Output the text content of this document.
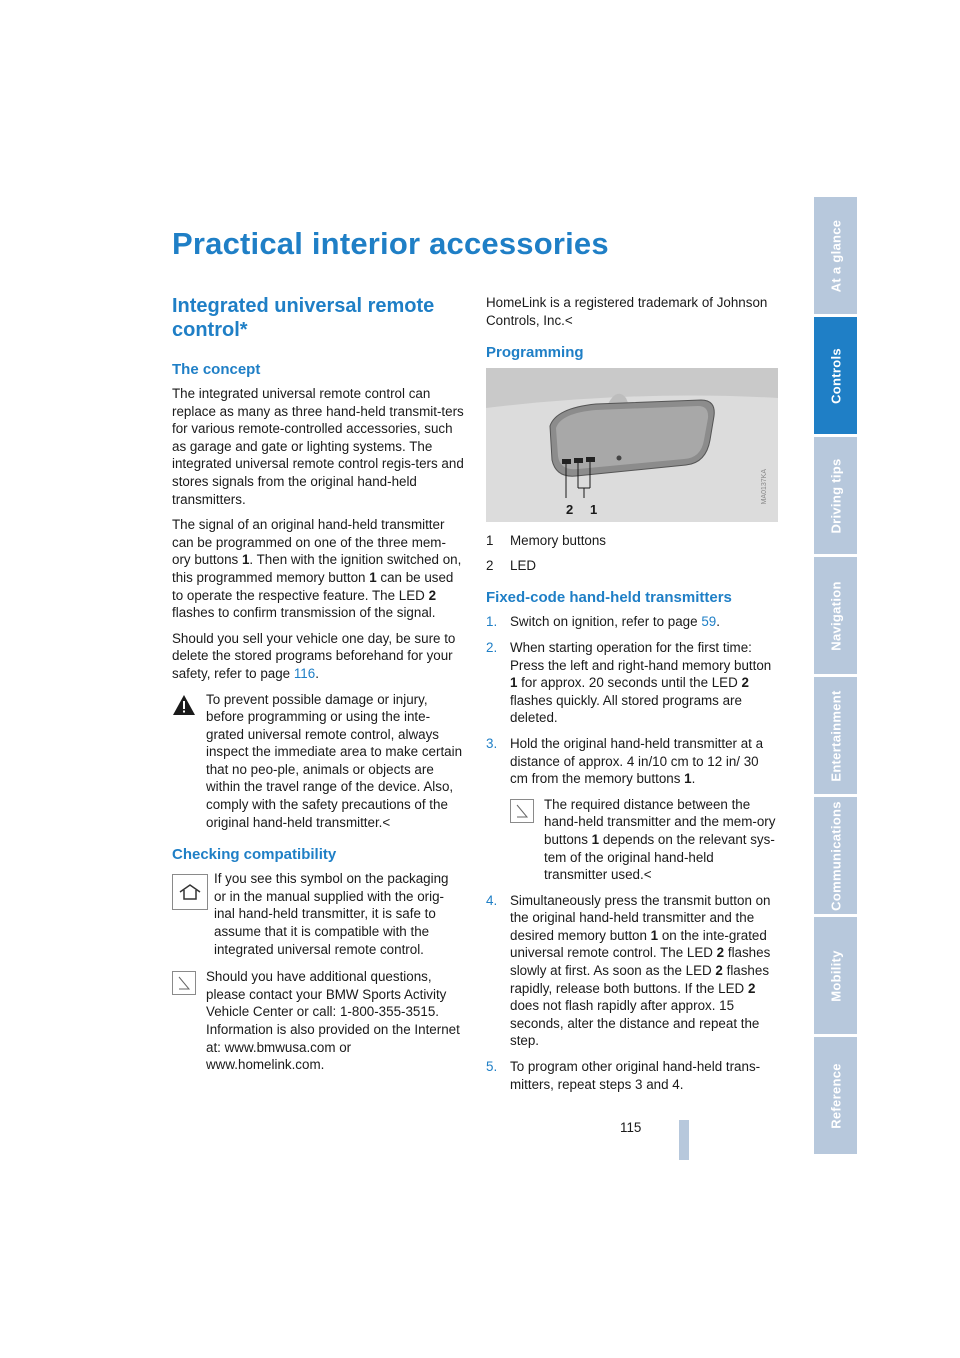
Practical interior accessories
Integrated universal remote control*
The concept

The integrated universal remote control can replace as many as three hand-held transmit-ters for various remote-controlled accessories, such as garage and gate or lighting systems. The integrated universal remote control regis-ters and stores signals from the original hand-held transmitters.

The signal of an original hand-held transmitter can be programmed on one of the three mem-ory buttons 1. Then with the ignition switched on, this programmed memory button 1 can be used to operate the respective feature. The LED 2 flashes to confirm transmission of the signal.

Should you sell your vehicle one day, be sure to delete the stored programs beforehand for your safety, refer to page 116.

To prevent possible damage or injury, before programming or using the inte-grated universal remote control, always inspect the immediate area to make certain that no peo-ple, animals or objects are within the travel range of the device. Also, comply with the safety precautions of the original hand-held transmitter.<
Checking compatibility
If you see this symbol on the packaging or in the manual supplied with the orig-inal hand-held transmitter, it is safe to assume that it is compatible with the integrated universal remote control.
Should you have additional questions, please contact your BMW Sports Activity Vehicle Center or call: 1-800-355-3515. Information is also provided on the Internet at: www.bmwusa.com or www.homelink.com.

HomeLink is a registered trademark of Johnson Controls, Inc.<

Programming
2 1
MA0137KA
1	Memory buttons
2	LED
Fixed-code hand-held transmitters
1. Switch on ignition, refer to page 59.
2. When starting operation for the first time: Press the left and right-hand memory button 1 for approx. 20 seconds until the LED 2 flashes quickly. All stored programs are deleted.
3. Hold the original hand-held transmitter at a distance of approx. 4 in/10 cm to 12 in/ 30 cm from the memory buttons 1.
The required distance between the hand-held transmitter and the mem-ory buttons 1 depends on the relevant sys-tem of the original hand-held transmitter used.<
4. Simultaneously press the transmit button on the original hand-held transmitter and the desired memory button 1 on the inte-grated universal remote control. The LED 2 flashes slowly at first. As soon as the LED 2 flashes rapidly, release both buttons. If the LED 2 does not flash rapidly after approx. 15 seconds, alter the distance and repeat the step.
5. To program other original hand-held trans-mitters, repeat steps 3 and 4.
115
At a glance
Controls
Driving tips
Navigation
Entertainment
Communications
Mobility
Reference
